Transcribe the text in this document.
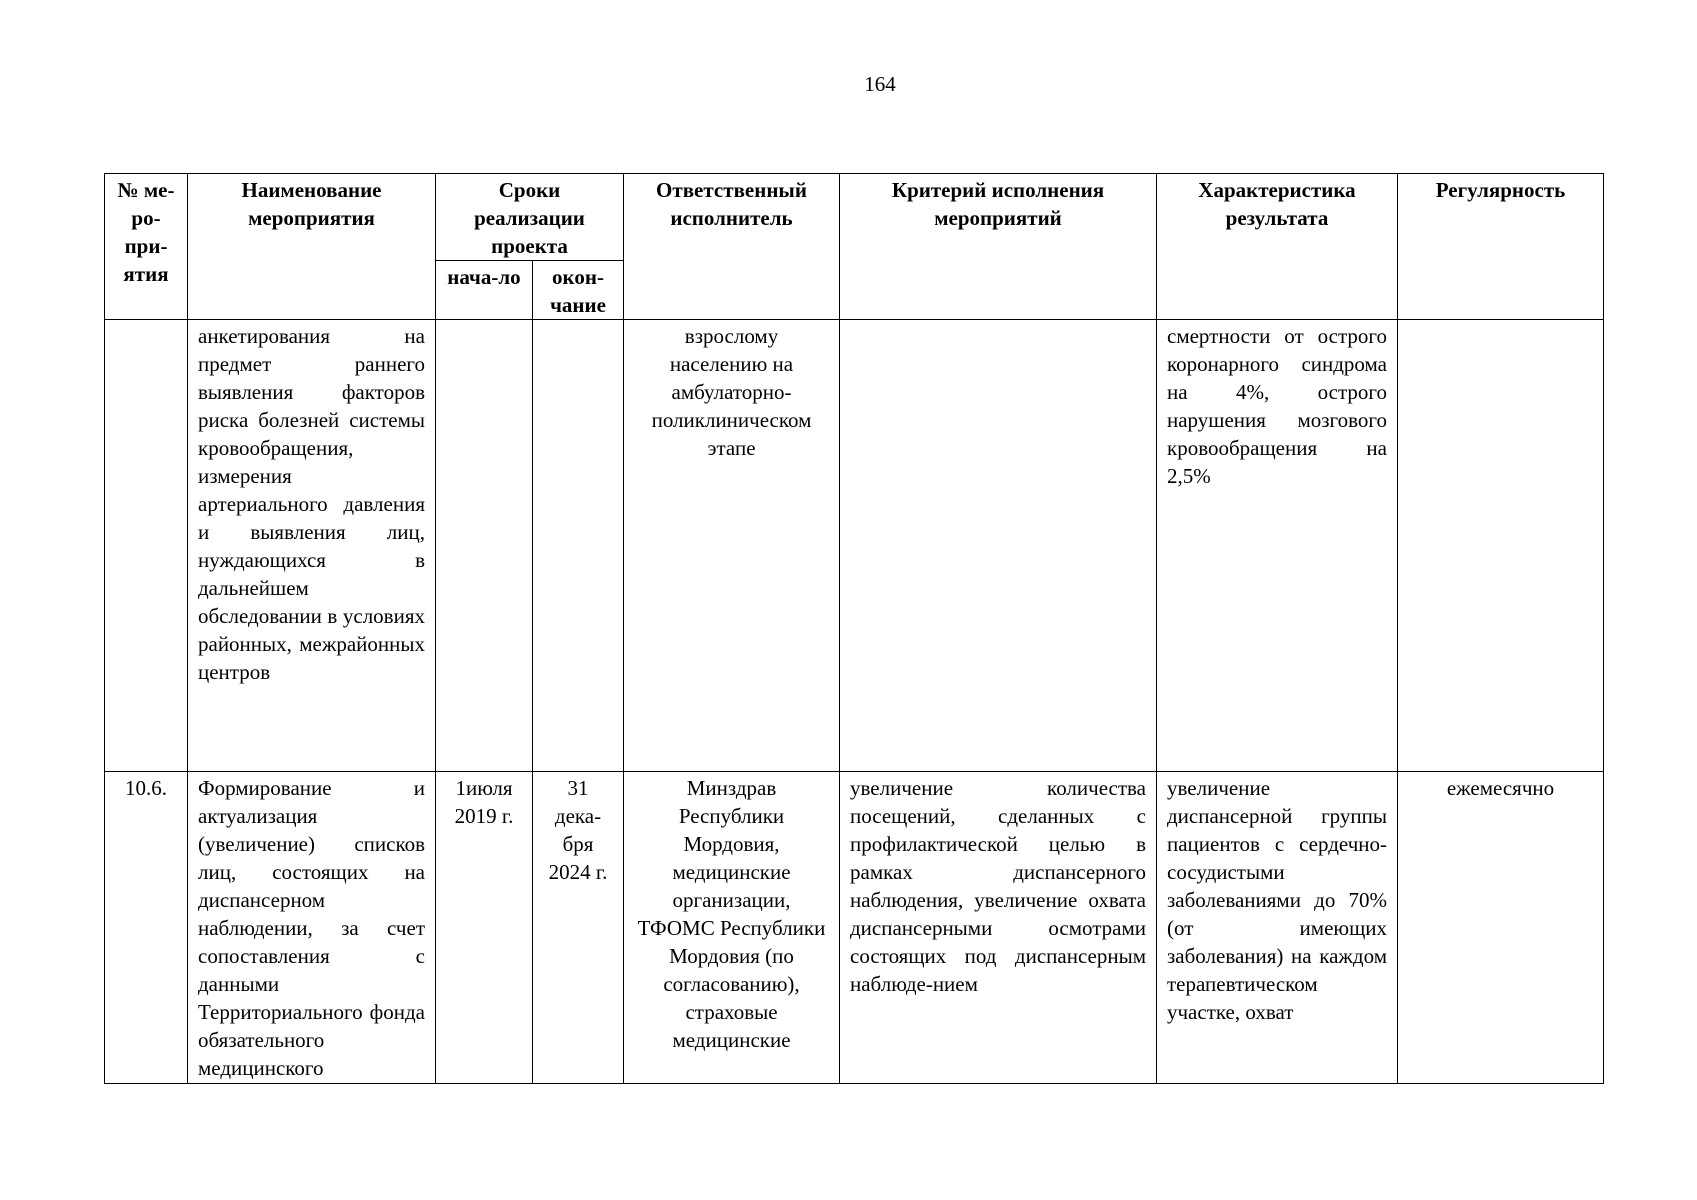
164
№ ме-ро-при-ятия	Наименование мероприятия	Сроки реализации проекта		Ответственный исполнитель	Критерий исполнения мероприятий	Характеристика результата	Регулярность
		нача-ло	окон-чание				
	анкетирования на предмет раннего выявления факторов риска болезней системы кровообращения, измерения артериального давления и выявления лиц, нуждающихся в дальнейшем обследовании в условиях районных, межрайонных центров			взрослому населению на амбулаторно-поликлиническом этапе		смертности от острого коронарного синдрома на 4%, острого нарушения мозгового кровообращения на 2,5%	
10.6.	Формирование и актуализация (увеличение) списков лиц, состоящих на диспансерном наблюдении, за счет сопоставления с данными Территориального фонда обязательного медицинского	1июля 2019 г.	31 дека-бря 2024 г.	Минздрав Республики Мордовия, медицинские организации, ТФОМС Республики Мордовия (по согласованию), страховые медицинские	увеличение количества посещений, сделанных с профилактической целью в рамках диспансерного наблюдения, увеличение охвата диспансерными осмотрами состоящих под диспансерным наблюде-нием	увеличение диспансерной группы пациентов с сердечно-сосудистыми заболеваниями до 70% (от имеющих заболевания) на каждом терапевтическом участке, охват	ежемесячно
